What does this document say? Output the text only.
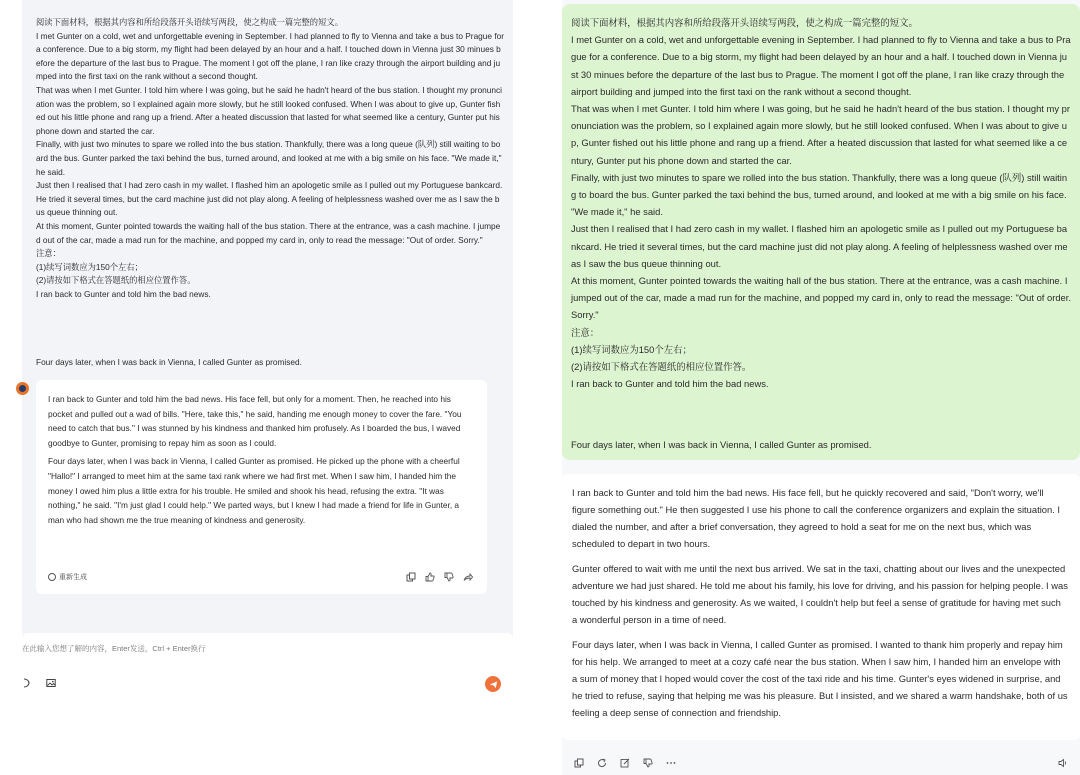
阅读下面材料，根据其内容和所给段落开头语续写两段，使之构成一篇完整的短文。

I met Gunter on a cold, wet and unforgettable evening in September. I had planned to fly to Vienna and take a bus to Prague for a conference. Due to a big storm, my flight had been delayed by an hour and a half. I touched down in Vienna just 30 minues before the departure of the last bus to Prague. The moment I got off the plane, I ran like crazy through the airport building and jumped into the first taxi on the rank without a second thought.

That was when I met Gunter. I told him where I was going, but he said he hadn't heard of the bus station. I thought my pronunciation was the problem, so I explained again more slowly, but he still looked confused. When I was about to give up, Gunter fished out his little phone and rang up a friend. After a heated discussion that lasted for what seemed like a century, Gunter put his phone down and started the car.

Finally, with just two minutes to spare we rolled into the bus station. Thankfully, there was a long queue (队列) still waiting to board the bus. Gunter parked the taxi behind the bus, turned around, and looked at me with a big smile on his face. "We made it," he said.

Just then I realised that I had zero cash in my wallet. I flashed him an apologetic smile as I pulled out my Portuguese bankcard. He tried it several times, but the card machine just did not play along. A feeling of helplessness washed over me as I saw the bus queue thinning out.

At this moment, Gunter pointed towards the waiting hall of the bus station. There at the entrance, was a cash machine. I jumped out of the car, made a mad run for the machine, and popped my card in, only to read the message: "Out of order. Sorry."

注意：

(1)续写词数应为150个左右；

(2)请按如下格式在答题纸的相应位置作答。

I ran back to Gunter and told him the bad news.

Four days later, when I was back in Vienna, I called Gunter as promised.

I ran back to Gunter and told him the bad news. His face fell, but only for a moment. Then, he reached into his pocket and pulled out a wad of bills. "Here, take this," he said, handing me enough money to cover the fare. "You need to catch that bus." I was stunned by his kindness and thanked him profusely. As I boarded the bus, I waved goodbye to Gunter, promising to repay him as soon as I could.

Four days later, when I was back in Vienna, I called Gunter as promised. He picked up the phone with a cheerful "Hallo!" I arranged to meet him at the same taxi rank where we had first met. When I saw him, I handed him the money I owed him plus a little extra for his trouble. He smiled and shook his head, refusing the extra. "It was nothing," he said. "I'm just glad I could help." We parted ways, but I knew I had made a friend for life in Gunter, a man who had shown me the true meaning of kindness and generosity.

重新生成
在此输入您想了解的内容，Enter发送，Ctrl + Enter换行

阅读下面材料，根据其内容和所给段落开头语续写两段，使之构成一篇完整的短文。

I met Gunter on a cold, wet and unforgettable evening in September. I had planned to fly to Vienna and take a bus to Prague for a conference. Due to a big storm, my flight had been delayed by an hour and a half. I touched down in Vienna just 30 minues before the departure of the last bus to Prague. The moment I got off the plane, I ran like crazy through the airport building and jumped into the first taxi on the rank without a second thought.

That was when I met Gunter. I told him where I was going, but he said he hadn't heard of the bus station. I thought my pronunciation was the problem, so I explained again more slowly, but he still looked confused. When I was about to give up, Gunter fished out his little phone and rang up a friend. After a heated discussion that lasted for what seemed like a century, Gunter put his phone down and started the car.

Finally, with just two minutes to spare we rolled into the bus station. Thankfully, there was a long queue (队列) still waiting to board the bus. Gunter parked the taxi behind the bus, turned around, and looked at me with a big smile on his face. "We made it," he said.

Just then I realised that I had zero cash in my wallet. I flashed him an apologetic smile as I pulled out my Portuguese bankcard. He tried it several times, but the card machine just did not play along. A feeling of helplessness washed over me as I saw the bus queue thinning out.

At this moment, Gunter pointed towards the waiting hall of the bus station. There at the entrance, was a cash machine. I jumped out of the car, made a mad run for the machine, and popped my card in, only to read the message: "Out of order. Sorry."

注意：

(1)续写词数应为150个左右；

(2)请按如下格式在答题纸的相应位置作答。

I ran back to Gunter and told him the bad news.

Four days later, when I was back in Vienna, I called Gunter as promised.

I ran back to Gunter and told him the bad news. His face fell, but he quickly recovered and said, "Don't worry, we'll figure something out." He then suggested I use his phone to call the conference organizers and explain the situation. I dialed the number, and after a brief conversation, they agreed to hold a seat for me on the next bus, which was scheduled to depart in two hours.

Gunter offered to wait with me until the next bus arrived. We sat in the taxi, chatting about our lives and the unexpected adventure we had just shared. He told me about his family, his love for driving, and his passion for helping people. I was touched by his kindness and generosity. As we waited, I couldn't help but feel a sense of gratitude for having met such a wonderful person in a time of need.

Four days later, when I was back in Vienna, I called Gunter as promised. I wanted to thank him properly and repay him for his help. We arranged to meet at a cozy café near the bus station. When I saw him, I handed him an envelope with a sum of money that I hoped would cover the cost of the taxi ride and his time. Gunter's eyes widened in surprise, and he tried to refuse, saying that helping me was his pleasure. But I insisted, and we shared a warm handshake, both of us feeling a deep sense of connection and friendship.
